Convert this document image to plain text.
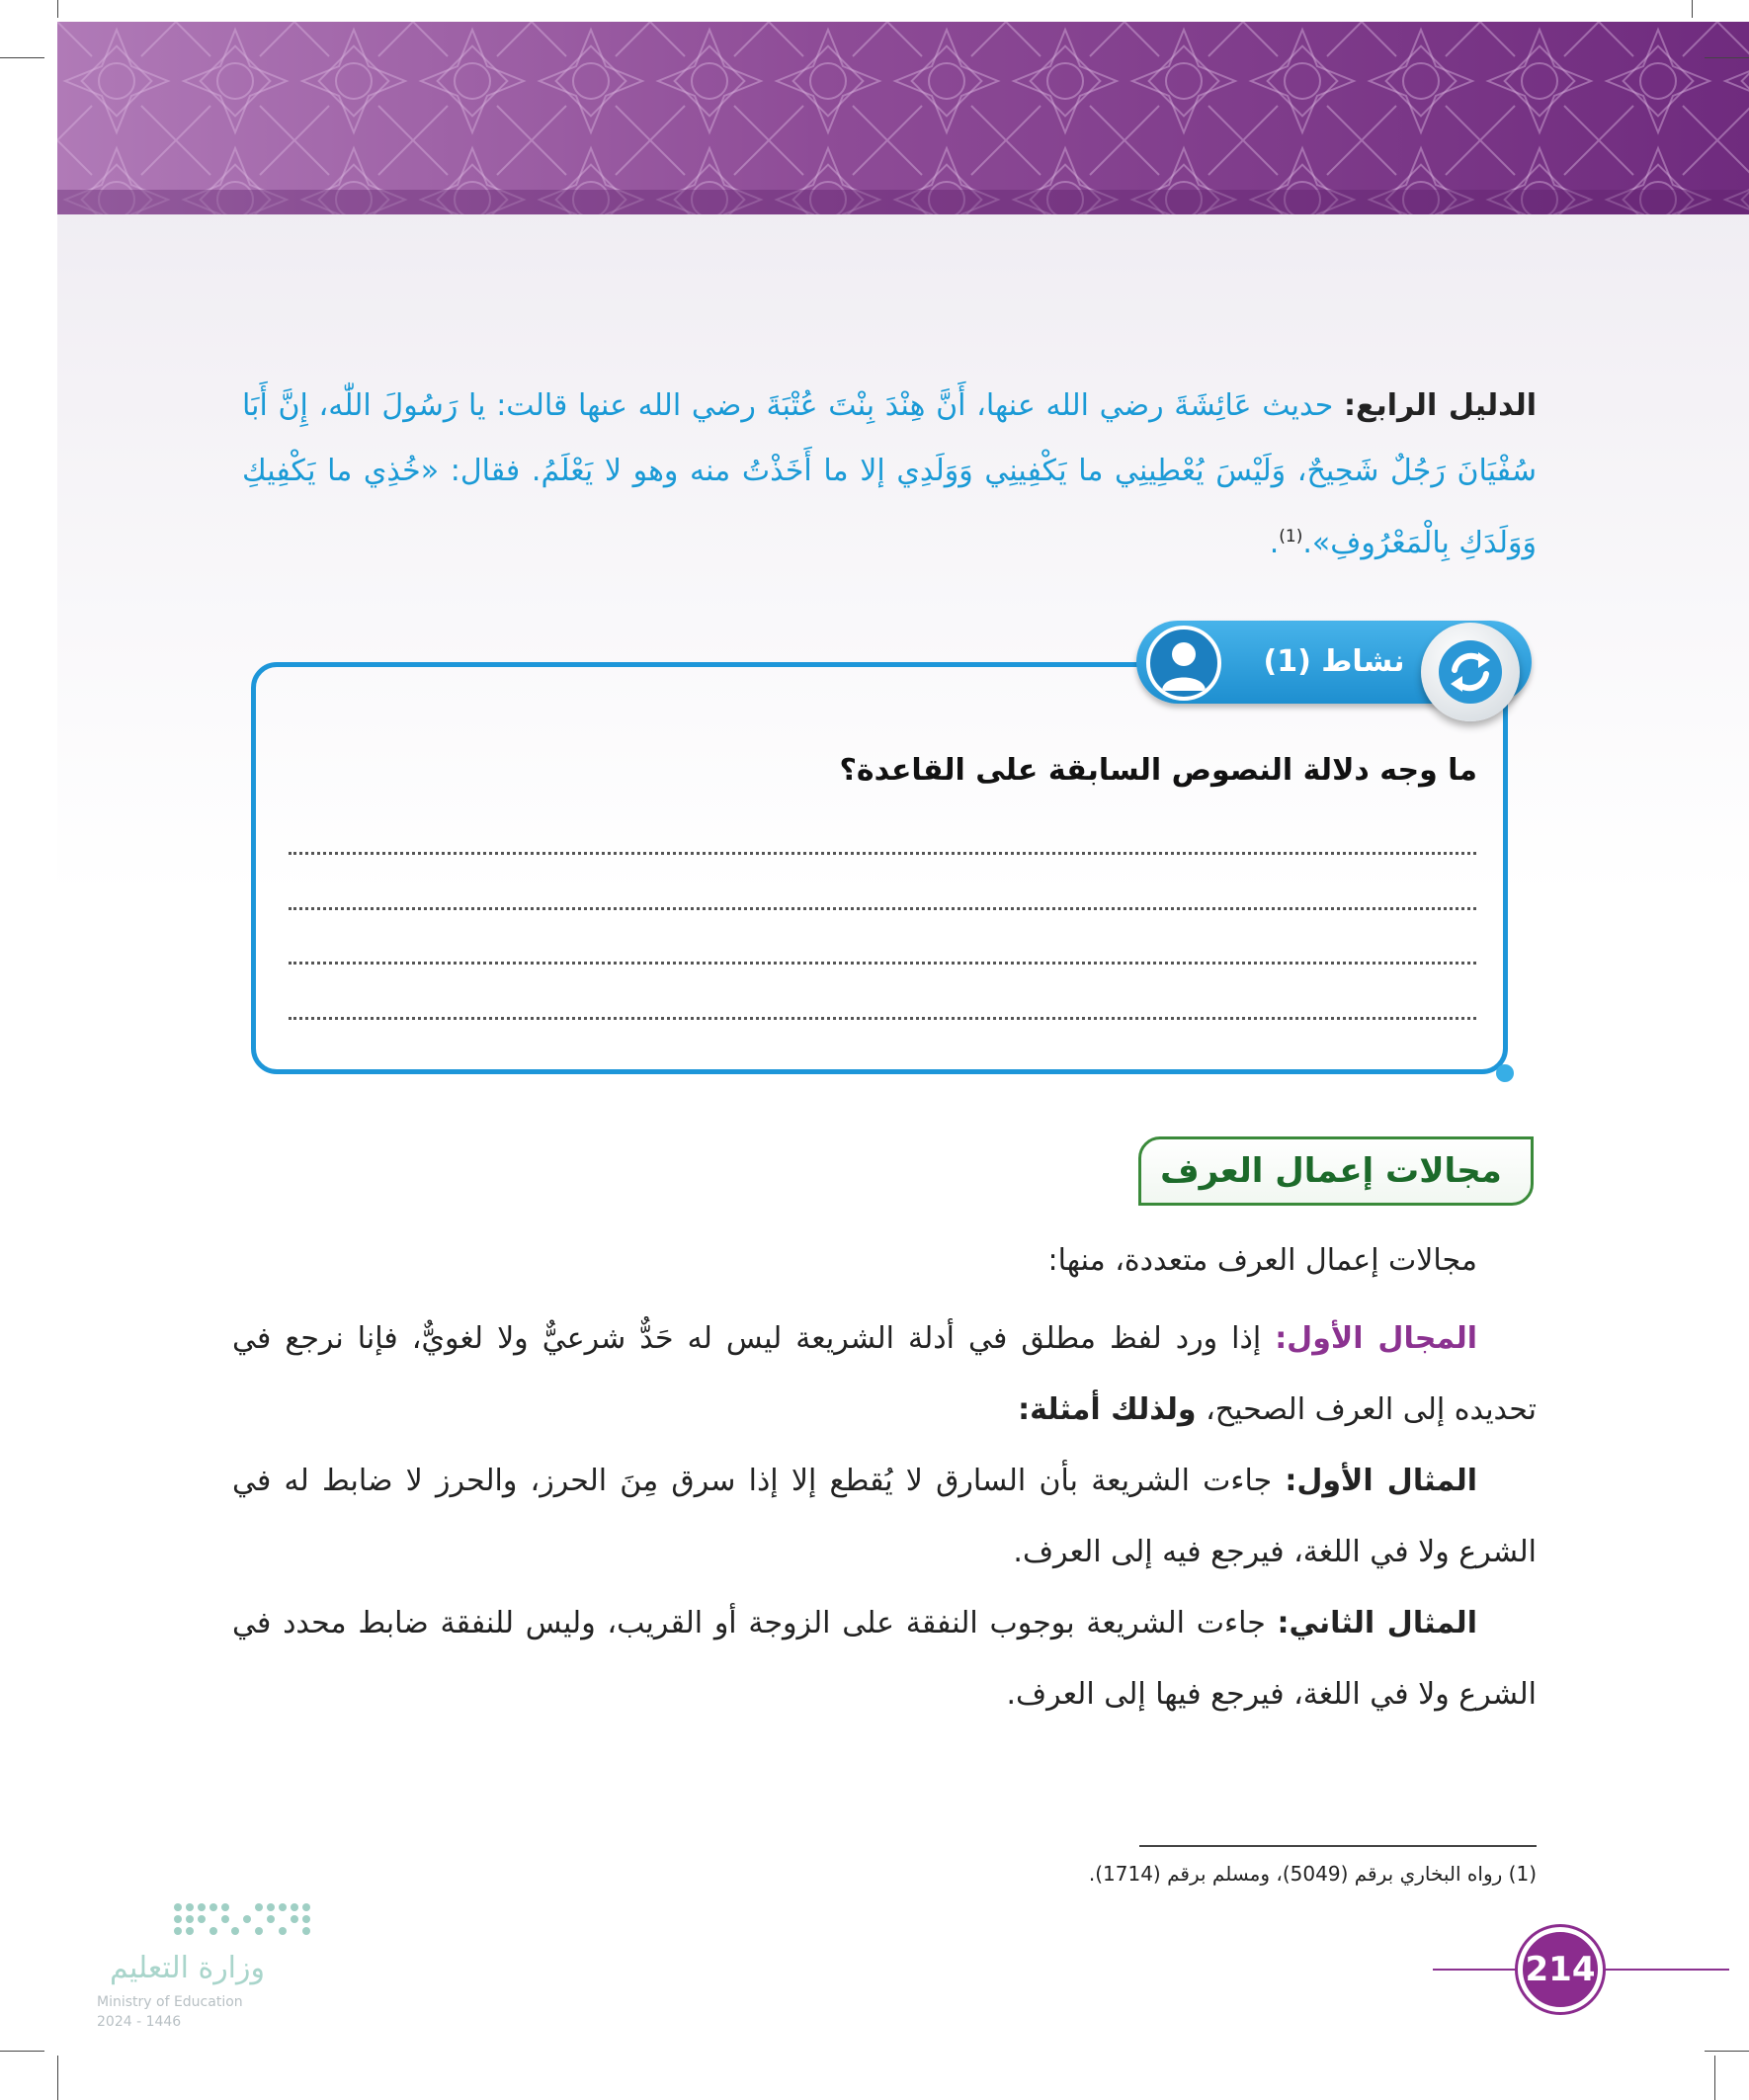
الدليل الرابع: حديث عَائِشَةَ رضي الله عنها، أَنَّ هِنْدَ بِنْتَ عُتْبَةَ رضي الله عنها قالت: يا رَسُولَ اللّٰه، إِنَّ أَبَا سُفْيَانَ رَجُلٌ شَحِيحٌ، وَلَيْسَ يُعْطِينِي ما يَكْفِينِي وَوَلَدِي إلا ما أَخَذْتُ منه وهو لا يَعْلَمُ. فقال: «خُذِي ما يَكْفِيكِ وَوَلَدَكِ بِالْمَعْرُوفِ».$^{(1)}$.
نشاط (1)
ما وجه دلالة النصوص السابقة على القاعدة؟
مجالات إعمال العرف
مجالات إعمال العرف متعددة، منها:
المجال الأول: إذا ورد لفظ مطلق في أدلة الشريعة ليس له حَدٌّ شرعيٌّ ولا لغويٌّ، فإنا نرجع في تحديده إلى العرف الصحيح، ولذلك أمثلة:
المثال الأول: جاءت الشريعة بأن السارق لا يُقطع إلا إذا سرق مِنَ الحرز، والحرز لا ضابط له في الشرع ولا في اللغة، فيرجع فيه إلى العرف.
المثال الثاني: جاءت الشريعة بوجوب النفقة على الزوجة أو القريب، وليس للنفقة ضابط محدد في الشرع ولا في اللغة، فيرجع فيها إلى العرف.
(1) رواه البخاري برقم (5049)، ومسلم برقم (1714).
214
وزارة التعليم
Ministry of Education
2024 - 1446
